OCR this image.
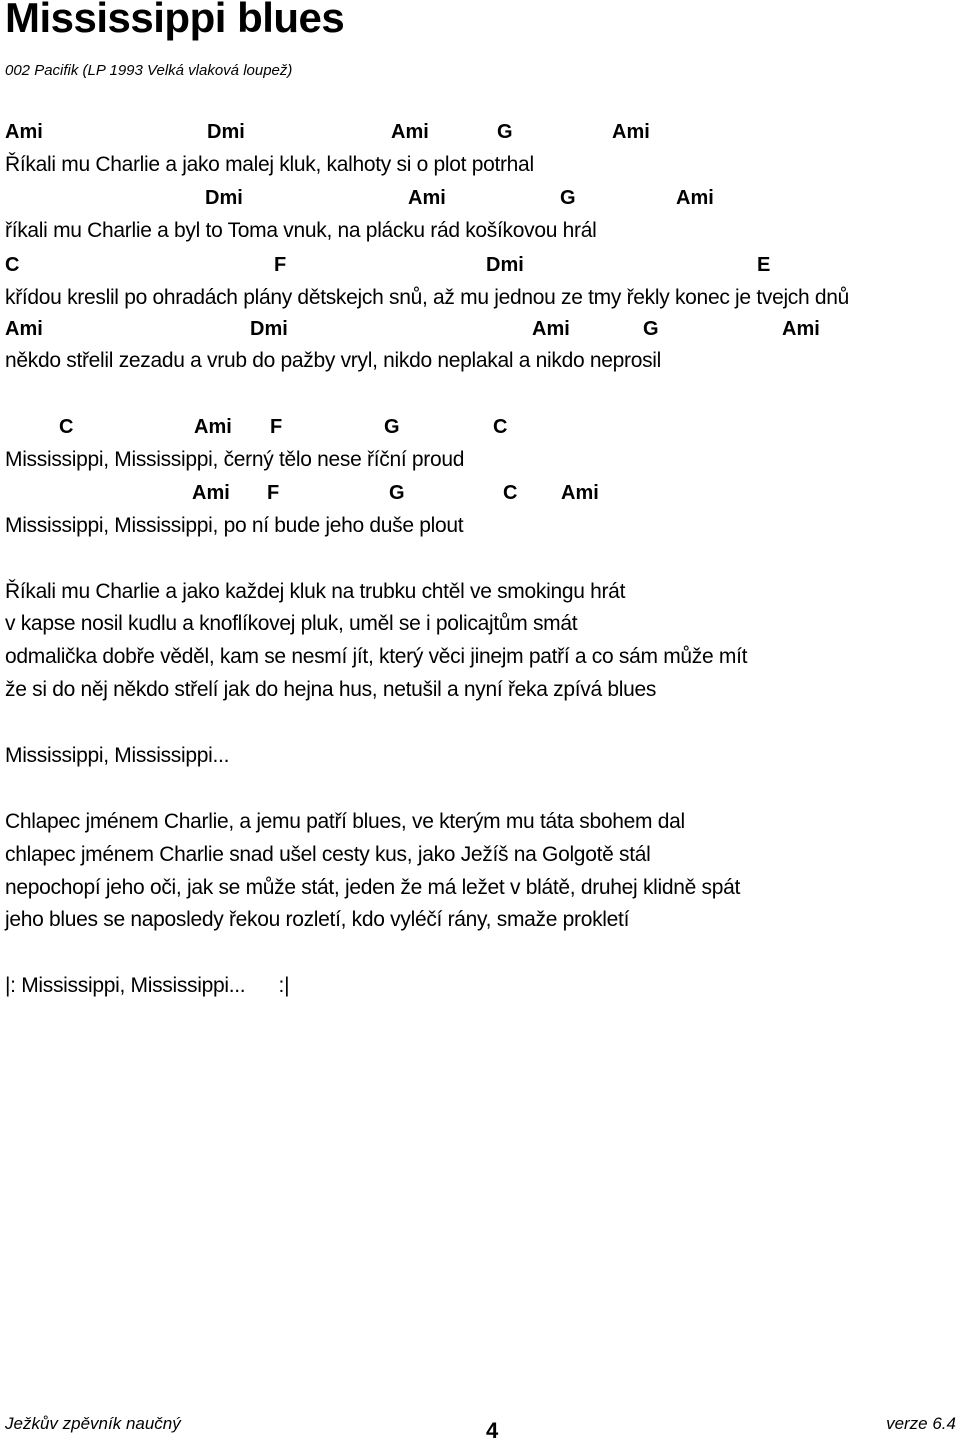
Mississippi blues
002 Pacifik (LP 1993 Velká vlaková loupež)
Ami	Dmi	Ami	G	Ami
Říkali mu Charlie a jako malej kluk, kalhoty si o plot potrhal
Dmi	Ami	G	Ami
říkali mu Charlie a byl to Toma vnuk, na plácku rád košíkovou hrál
C	F	Dmi	E
křídou kreslil po ohradách plány dětskejch snů, až mu jednou ze tmy řekly konec je tvejch dnů
Ami	Dmi	Ami	G	Ami
někdo střelil zezadu a vrub do pažby vryl, nikdo neplakal a nikdo neprosil
C	Ami F	G	C
Mississippi, Mississippi, černý tělo nese říční proud
Ami F	G	C Ami
Mississippi, Mississippi, po ní bude jeho duše plout
Říkali mu Charlie a jako každej kluk na trubku chtěl ve smokingu hrát
v kapse nosil kudlu a knoflíkovej pluk, uměl se i policajtům smát
odmalička dobře věděl, kam se nesmí jít, který věci jinejm patří a co sám může mít
že si do něj někdo střelí jak do hejna hus, netušil a nyní řeka zpívá blues
Mississippi, Mississippi...
Chlapec jménem Charlie, a jemu patří blues, ve kterým mu táta sbohem dal
chlapec jménem Charlie snad ušel cesty kus, jako Ježíš na Golgotě stál
nepochopí jeho oči, jak se může stát, jeden že má ležet v blátě, druhej klidně spát
jeho blues se naposledy řekou rozletí, kdo vyléčí rány, smaže prokletí
|: Mississippi, Mississippi...      :|
Ježkův zpěvník naučný	4	verze 6.4
